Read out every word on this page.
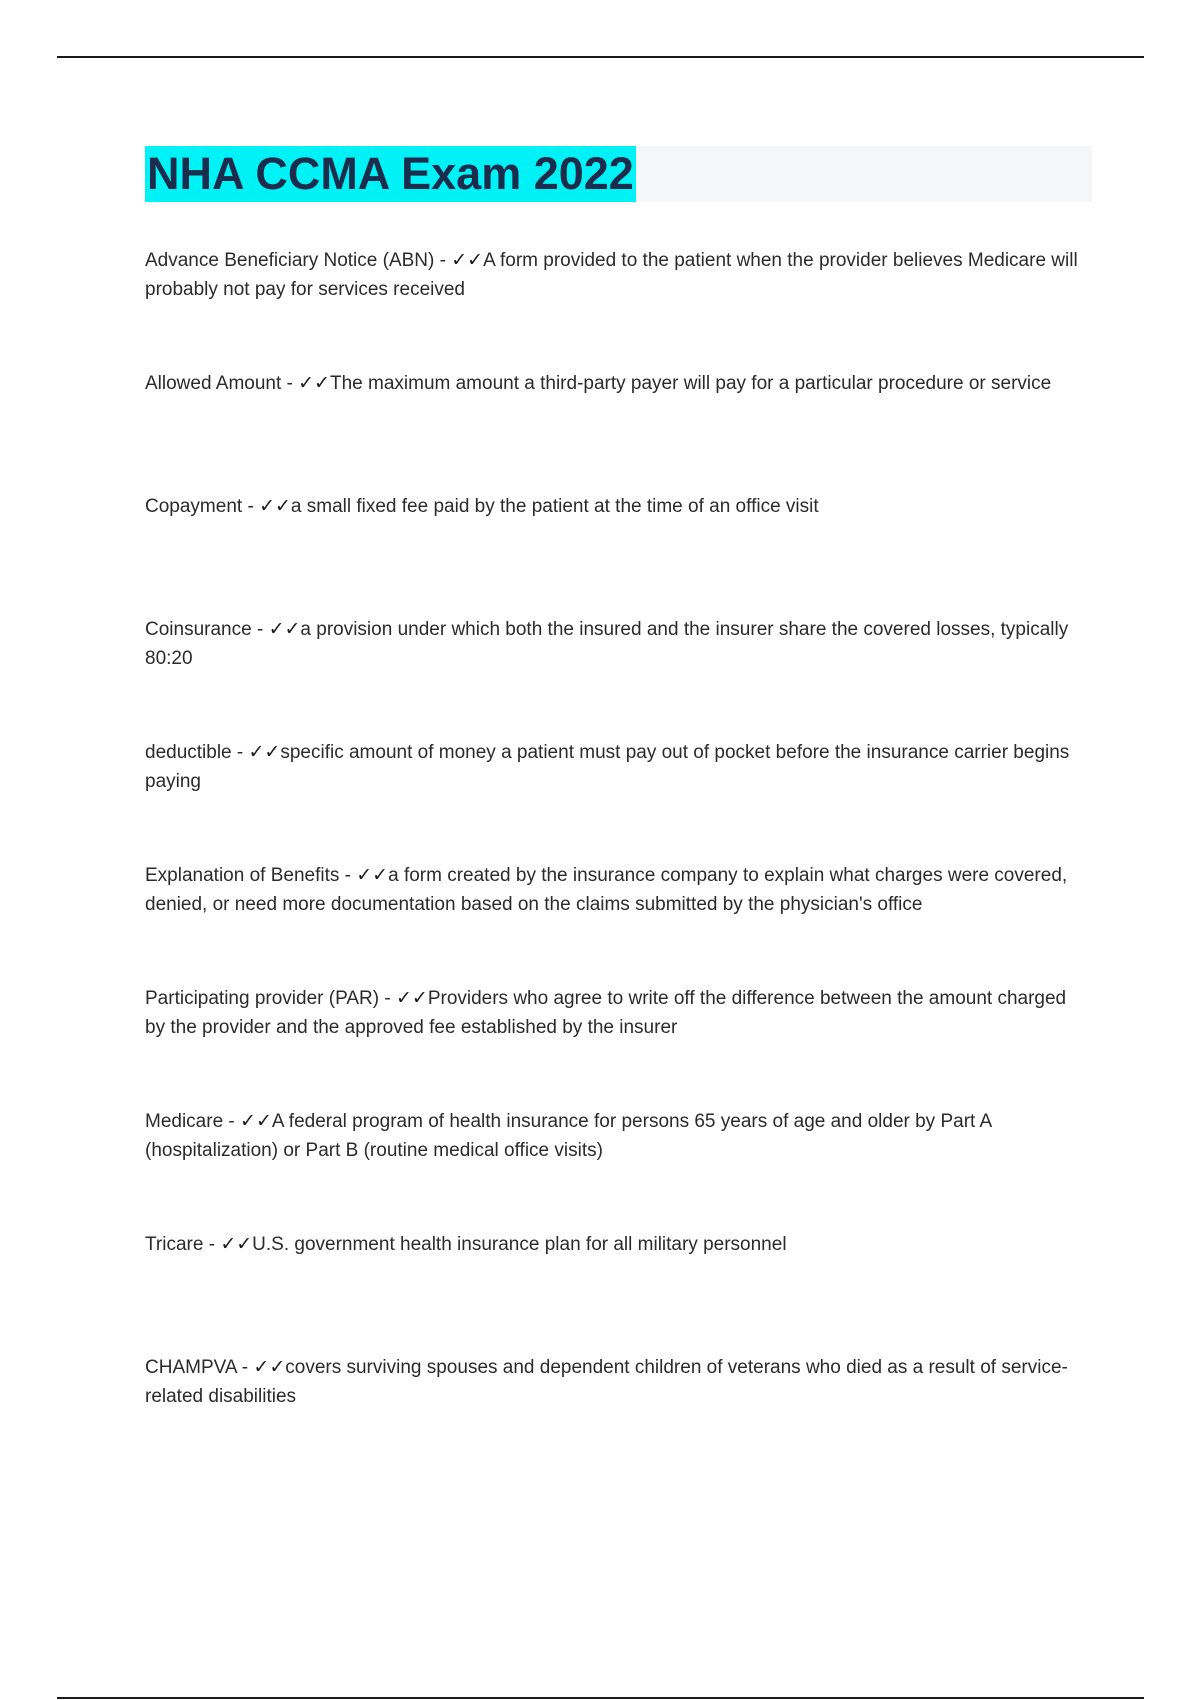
NHA CCMA Exam 2022
Advance Beneficiary Notice (ABN) - ✓✓A form provided to the patient when the provider believes Medicare will probably not pay for services received
Allowed Amount - ✓✓The maximum amount a third-party payer will pay for a particular procedure or service
Copayment - ✓✓a small fixed fee paid by the patient at the time of an office visit
Coinsurance - ✓✓a provision under which both the insured and the insurer share the covered losses, typically 80:20
deductible - ✓✓specific amount of money a patient must pay out of pocket before the insurance carrier begins paying
Explanation of Benefits - ✓✓a form created by the insurance company to explain what charges were covered, denied, or need more documentation based on the claims submitted by the physician's office
Participating provider (PAR) - ✓✓Providers who agree to write off the difference between the amount charged by the provider and the approved fee established by the insurer
Medicare - ✓✓A federal program of health insurance for persons 65 years of age and older by Part A (hospitalization) or Part B (routine medical office visits)
Tricare - ✓✓U.S. government health insurance plan for all military personnel
CHAMPVA - ✓✓covers surviving spouses and dependent children of veterans who died as a result of service-related disabilities
